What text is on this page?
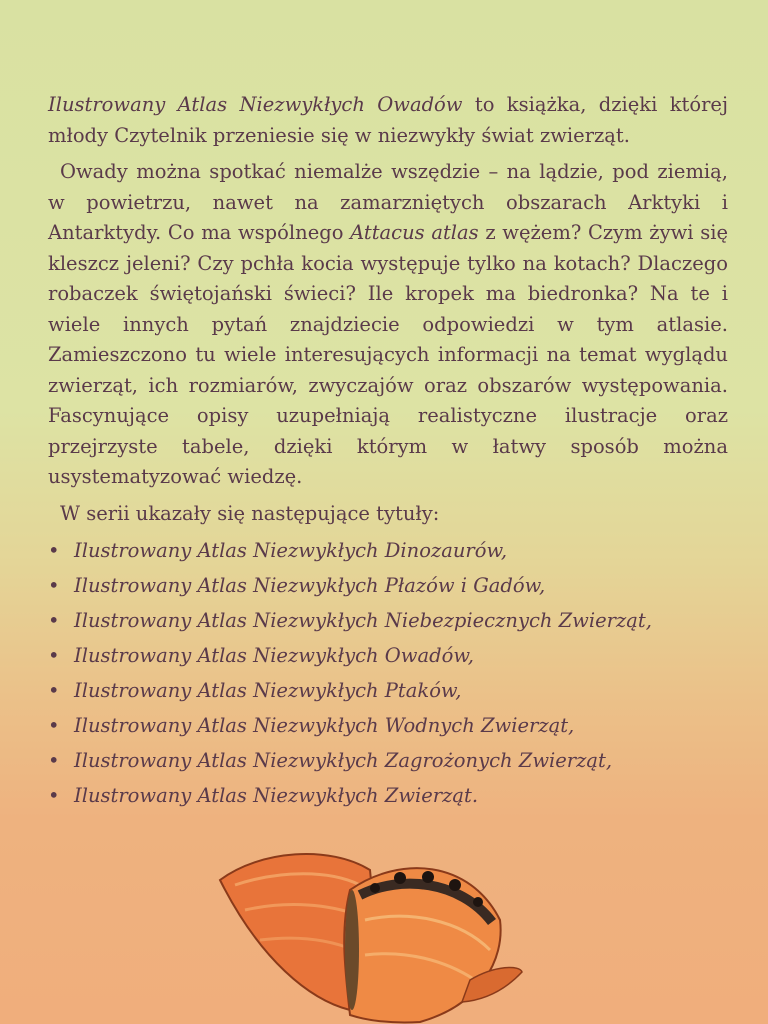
Ilustrowany Atlas Niezwykłych Owadów to książka, dzięki której młody Czytelnik przeniesie się w niezwykły świat zwierząt.

Owady można spotkać niemalże wszędzie – na lądzie, pod ziemią, w powietrzu, nawet na zamarzniętych obszarach Arktyki i Antarktydy. Co ma wspólnego Attacus atlas z wężem? Czym żywi się kleszcz jeleni? Czy pchła kocia występuje tylko na kotach? Dlaczego robaczek świętojański świeci? Ile kropek ma biedronka? Na te i wiele innych pytań znajdziecie odpowiedzi w tym atlasie. Zamieszczono tu wiele interesujących informacji na temat wyglądu zwierząt, ich rozmiarów, zwyczajów oraz obszarów występowania. Fascynujące opisy uzupełniają realistyczne ilustracje oraz przejrzyste tabele, dzięki którym w łatwy sposób można usystematyzować wiedzę.

W serii ukazały się następujące tytuły:

• Ilustrowany Atlas Niezwykłych Dinozaurów,
• Ilustrowany Atlas Niezwykłych Płazów i Gadów,
• Ilustrowany Atlas Niezwykłych Niebezpiecznych Zwierząt,
• Ilustrowany Atlas Niezwykłych Owadów,
• Ilustrowany Atlas Niezwykłych Ptaków,
• Ilustrowany Atlas Niezwykłych Wodnych Zwierząt,
• Ilustrowany Atlas Niezwykłych Zagrożonych Zwierząt,
• Ilustrowany Atlas Niezwykłych Zwierząt.
